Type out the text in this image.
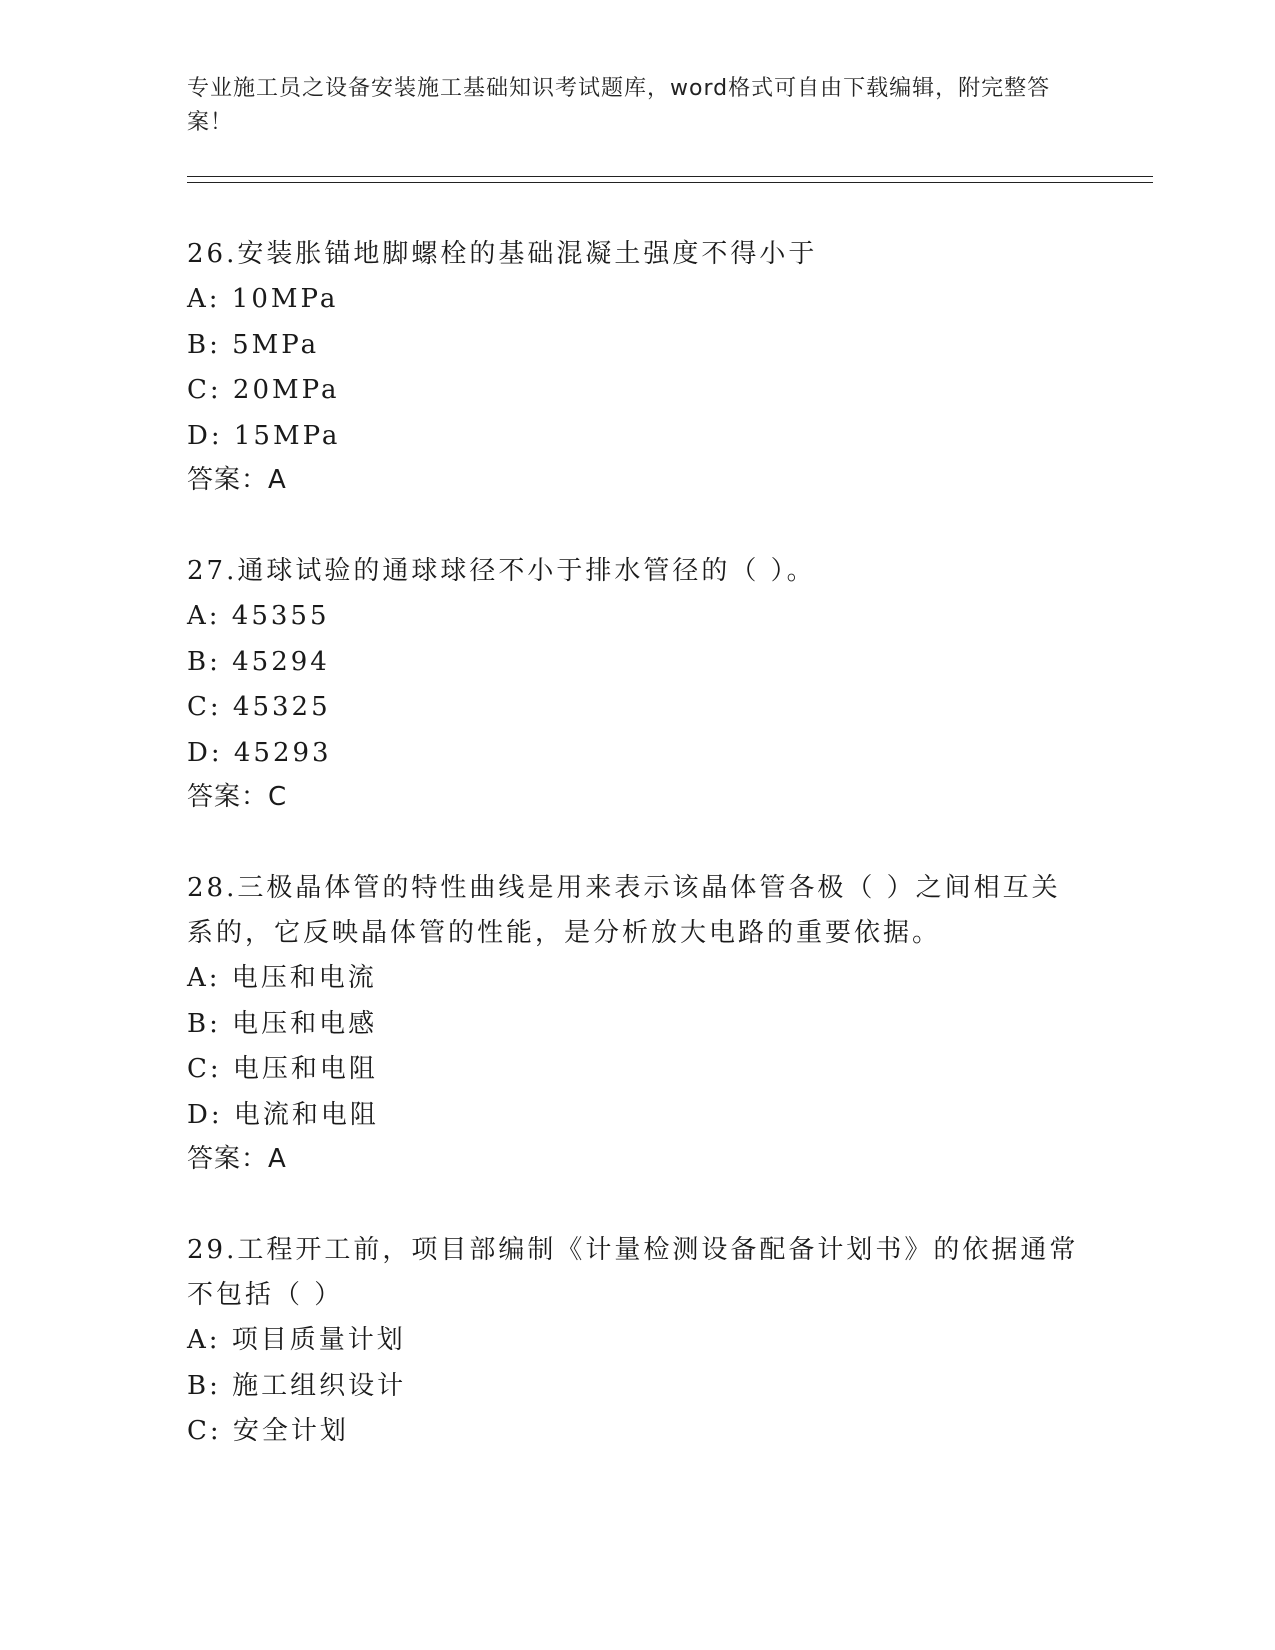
专业施工员之设备安装施工基础知识考试题库，word格式可自由下载编辑，附完整答案！
26.安装胀锚地脚螺栓的基础混凝土强度不得小于
A: 10MPa
B: 5MPa
C: 20MPa
D: 15MPa
答案：A
27.通球试验的通球球径不小于排水管径的（ ）。
A: 45355
B: 45294
C: 45325
D: 45293
答案：C
28.三极晶体管的特性曲线是用来表示该晶体管各极（ ）之间相互关系的，它反映晶体管的性能，是分析放大电路的重要依据。
A: 电压和电流
B: 电压和电感
C: 电压和电阻
D: 电流和电阻
答案：A
29.工程开工前，项目部编制《计量检测设备配备计划书》的依据通常不包括（ ）
A: 项目质量计划
B: 施工组织设计
C: 安全计划
